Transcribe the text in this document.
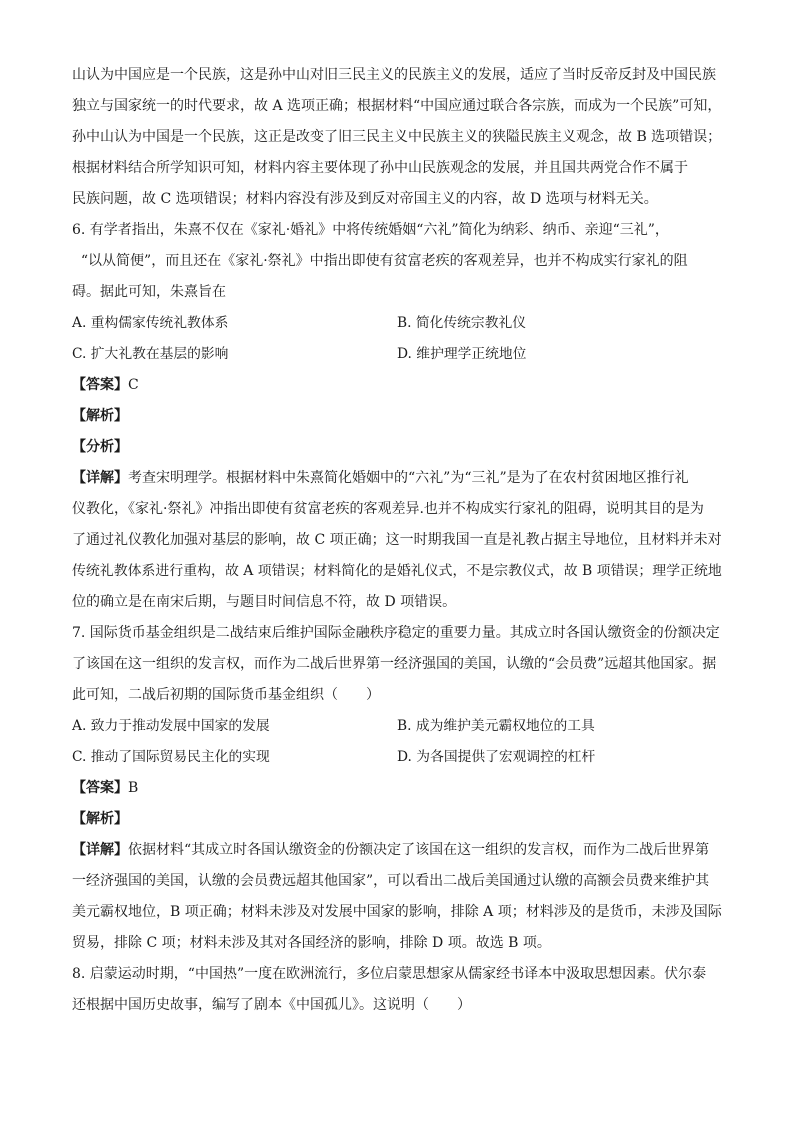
山认为中国应是一个民族，这是孙中山对旧三民主义的民族主义的发展，适应了当时反帝反封及中国民族
独立与国家统一的时代要求，故 A 选项正确；根据材料“中国应通过联合各宗族，而成为一个民族”可知，
孙中山认为中国是一个民族，这正是改变了旧三民主义中民族主义的狭隘民族主义观念，故 B 选项错误；
根据材料结合所学知识可知，材料内容主要体现了孙中山民族观念的发展，并且国共两党合作不属于
民族问题，故 C 选项错误；材料内容没有涉及到反对帝国主义的内容，故 D 选项与材料无关。
6. 有学者指出，朱熹不仅在《家礼·婚礼》中将传统婚姻“六礼”简化为纳彩、纳币、亲迎“三礼”，
“以从简便”，而且还在《家礼·祭礼》中指出即使有贫富老疾的客观差异，也并不构成实行家礼的阻
碍。据此可知，朱熹旨在
A. 重构儒家传统礼教体系	B. 简化传统宗教礼仪
C. 扩大礼教在基层的影响	D. 维护理学正统地位
【答案】C
【解析】
【分析】
【详解】考查宋明理学。根据材料中朱熹简化婚姻中的“六礼”为“三礼”是为了在农村贫困地区推行礼
仪教化，《家礼·祭礼》冲指出即使有贫富老疾的客观差异.也并不构成实行家礼的阻碍，说明其目的是为
了通过礼仪教化加强对基层的影响，故 C 项正确；这一时期我国一直是礼教占据主导地位，且材料并未对
传统礼教体系进行重构，故 A 项错误；材料简化的是婚礼仪式，不是宗教仪式，故 B 项错误；理学正统地
位的确立是在南宋后期，与题目时间信息不符，故 D 项错误。
7. 国际货币基金组织是二战结束后维护国际金融秩序稳定的重要力量。其成立时各国认缴资金的份额决定
了该国在这一组织的发言权，而作为二战后世界第一经济强国的美国，认缴的“会员费”远超其他国家。据
此可知，二战后初期的国际货币基金组织（　　）
A. 致力于推动发展中国家的发展	B. 成为维护美元霸权地位的工具
C. 推动了国际贸易民主化的实现	D. 为各国提供了宏观调控的杠杆
【答案】B
【解析】
【详解】依据材料“其成立时各国认缴资金的份额决定了该国在这一组织的发言权，而作为二战后世界第
一经济强国的美国，认缴的会员费远超其他国家”，可以看出二战后美国通过认缴的高额会员费来维护其
美元霸权地位，B 项正确；材料未涉及对发展中国家的影响，排除 A 项；材料涉及的是货币，未涉及国际
贸易，排除 C 项；材料未涉及其对各国经济的影响，排除 D 项。故选 B 项。
8. 启蒙运动时期，“中国热”一度在欧洲流行，多位启蒙思想家从儒家经书译本中汲取思想因素。伏尔泰
还根据中国历史故事，编写了剧本《中国孤儿》。这说明（　　）
